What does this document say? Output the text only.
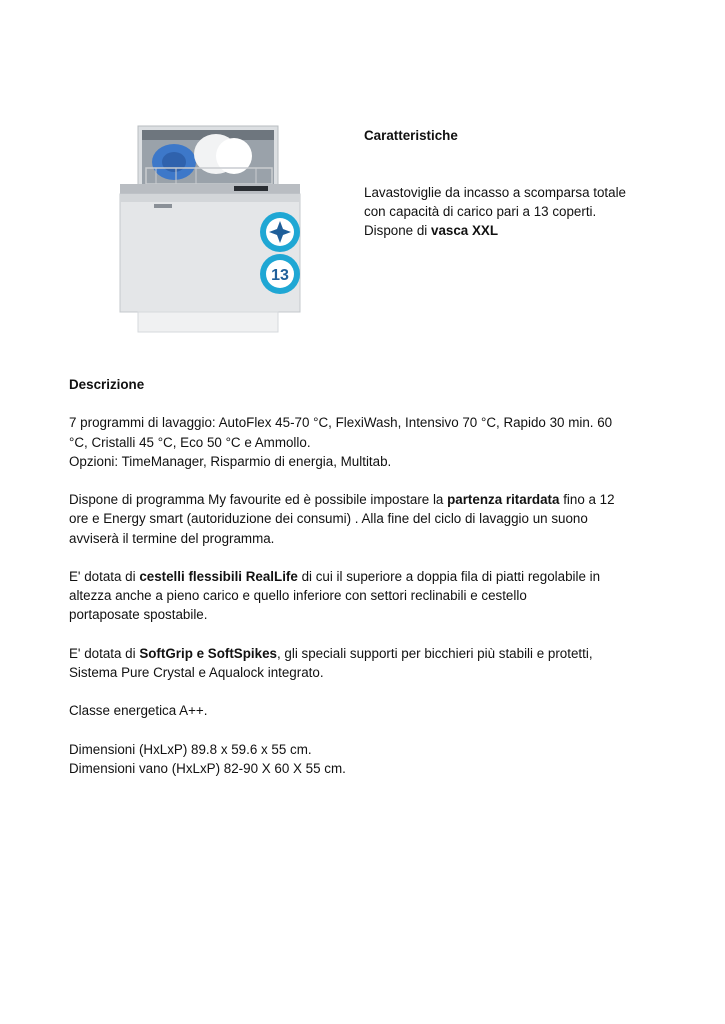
13
Caratteristiche
Lavastoviglie da incasso a scomparsa totale
con capacità di carico pari a 13 coperti.
Dispone di vasca XXL
Descrizione

7 programmi di lavaggio: AutoFlex 45-70 °C, FlexiWash, Intensivo 70 °C, Rapido 30 min. 60
°C, Cristalli 45 °C, Eco 50 °C e Ammollo.
Opzioni: TimeManager, Risparmio di energia, Multitab.

Dispone di programma My favourite ed è possibile impostare la partenza ritardata fino a 12
ore e Energy smart (autoriduzione dei consumi) . Alla fine del ciclo di lavaggio un suono
avviserà il termine del programma.

E' dotata di cestelli flessibili RealLife di cui il superiore a doppia fila di piatti regolabile in
altezza anche a pieno carico e quello inferiore con settori reclinabili e cestello
portaposate spostabile.

E' dotata di SoftGrip e SoftSpikes, gli speciali supporti per bicchieri più stabili e protetti,
Sistema Pure Crystal e Aqualock integrato.

Classe energetica A++.

Dimensioni (HxLxP) 89.8 x 59.6 x 55 cm.
Dimensioni vano (HxLxP) 82-90 X 60 X 55 cm.
